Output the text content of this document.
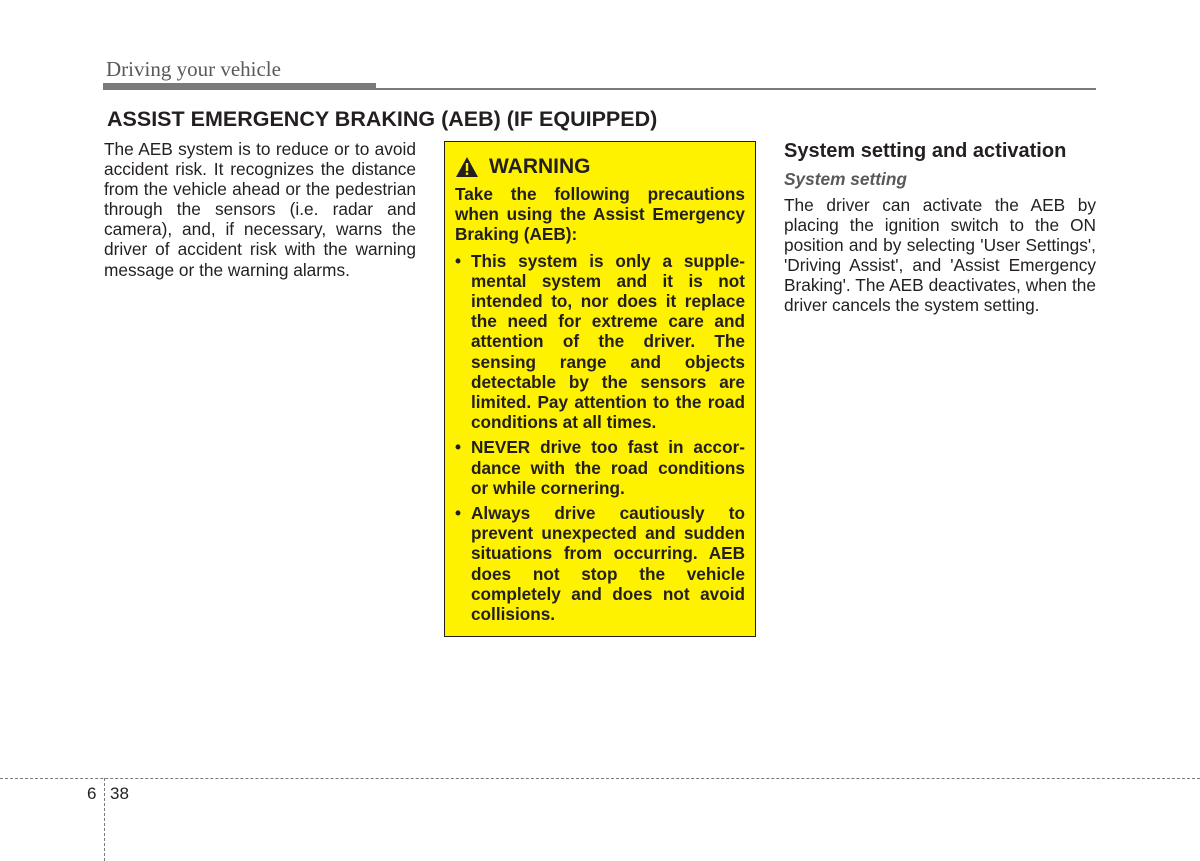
Driving your vehicle
ASSIST EMERGENCY BRAKING (AEB) (IF EQUIPPED)
The AEB system is to reduce or to avoid accident risk. It recognizes the distance from the vehicle ahead or the pedestrian through the sensors (i.e. radar and camera), and, if necessary, warns the driver of accident risk with the warning message or the warning alarms.
WARNING
Take the following precautions when using the Assist Emergency Braking (AEB):
• This system is only a supplemental system and it is not intended to, nor does it replace the need for extreme care and attention of the driver. The sensing range and objects detectable by the sensors are limited. Pay attention to the road conditions at all times.
• NEVER drive too fast in accordance with the road conditions or while cornering.
• Always drive cautiously to prevent unexpected and sudden situations from occurring. AEB does not stop the vehicle completely and does not avoid collisions.
System setting and activation
System setting
The driver can activate the AEB by placing the ignition switch to the ON position and by selecting 'User Settings', 'Driving Assist', and 'Assist Emergency Braking'. The AEB deactivates, when the driver cancels the system setting.
6 38
